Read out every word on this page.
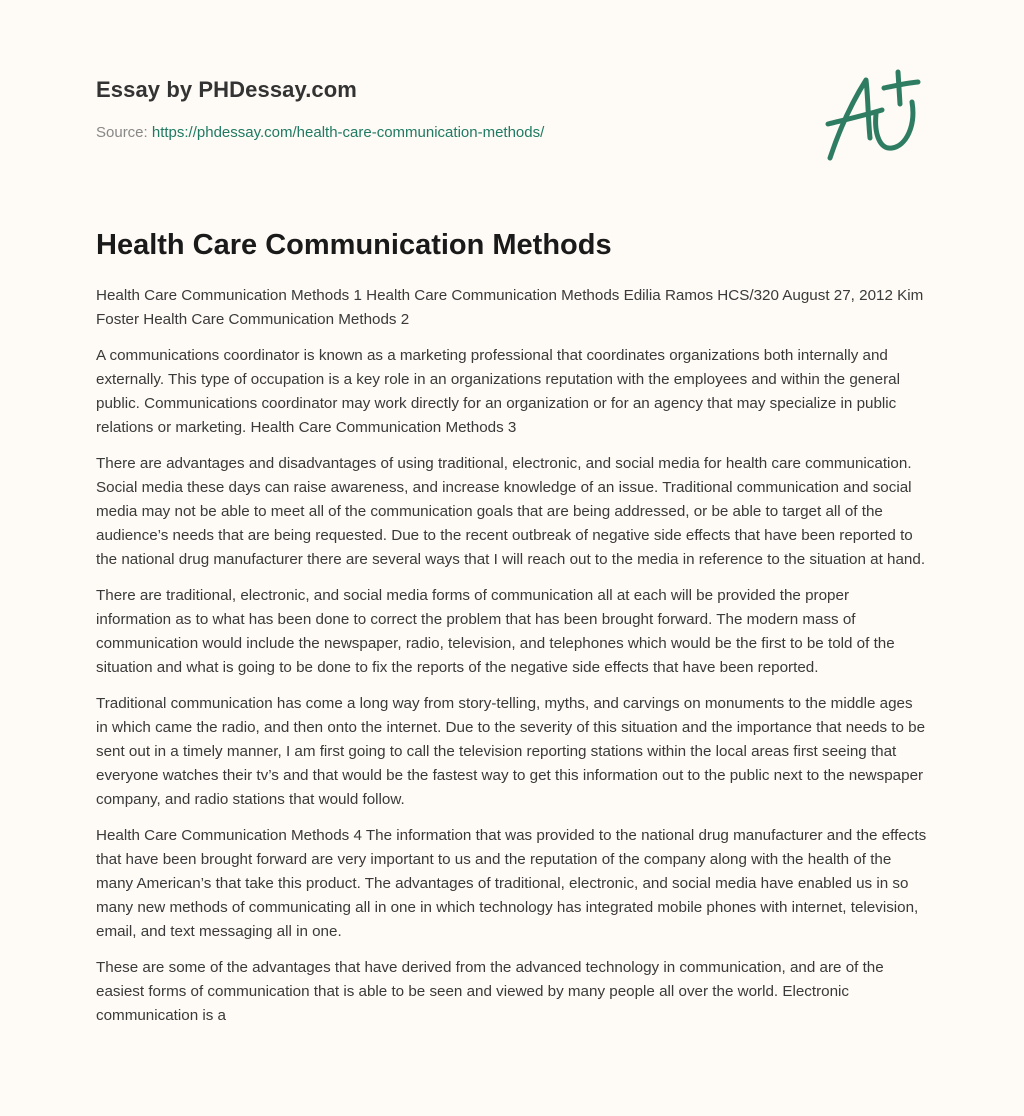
Essay by PHDessay.com
Source: https://phdessay.com/health-care-communication-methods/
Health Care Communication Methods

Health Care Communication Methods 1 Health Care Communication Methods Edilia Ramos HCS/320 August 27, 2012 Kim Foster Health Care Communication Methods 2

A communications coordinator is known as a marketing professional that coordinates organizations both internally and externally. This type of occupation is a key role in an organizations reputation with the employees and within the general public. Communications coordinator may work directly for an organization or for an agency that may specialize in public relations or marketing. Health Care Communication Methods 3

There are advantages and disadvantages of using traditional, electronic, and social media for health care communication. Social media these days can raise awareness, and increase knowledge of an issue. Traditional communication and social media may not be able to meet all of the communication goals that are being addressed, or be able to target all of the audience’s needs that are being requested. Due to the recent outbreak of negative side effects that have been reported to the national drug manufacturer there are several ways that I will reach out to the media in reference to the situation at hand.

There are traditional, electronic, and social media forms of communication all at each will be provided the proper information as to what has been done to correct the problem that has been brought forward. The modern mass of communication would include the newspaper, radio, television, and telephones which would be the first to be told of the situation and what is going to be done to fix the reports of the negative side effects that have been reported.

Traditional communication has come a long way from story-telling, myths, and carvings on monuments to the middle ages in which came the radio, and then onto the internet. Due to the severity of this situation and the importance that needs to be sent out in a timely manner, I am first going to call the television reporting stations within the local areas first seeing that everyone watches their tv’s and that would be the fastest way to get this information out to the public next to the newspaper company, and radio stations that would follow.

Health Care Communication Methods 4 The information that was provided to the national drug manufacturer and the effects that have been brought forward are very important to us and the reputation of the company along with the health of the many American’s that take this product. The advantages of traditional, electronic, and social media have enabled us in so many new methods of communicating all in one in which technology has integrated mobile phones with internet, television, email, and text messaging all in one.

These are some of the advantages that have derived from the advanced technology in communication, and are of the easiest forms of communication that is able to be seen and viewed by many people all over the world. Electronic communication is a
